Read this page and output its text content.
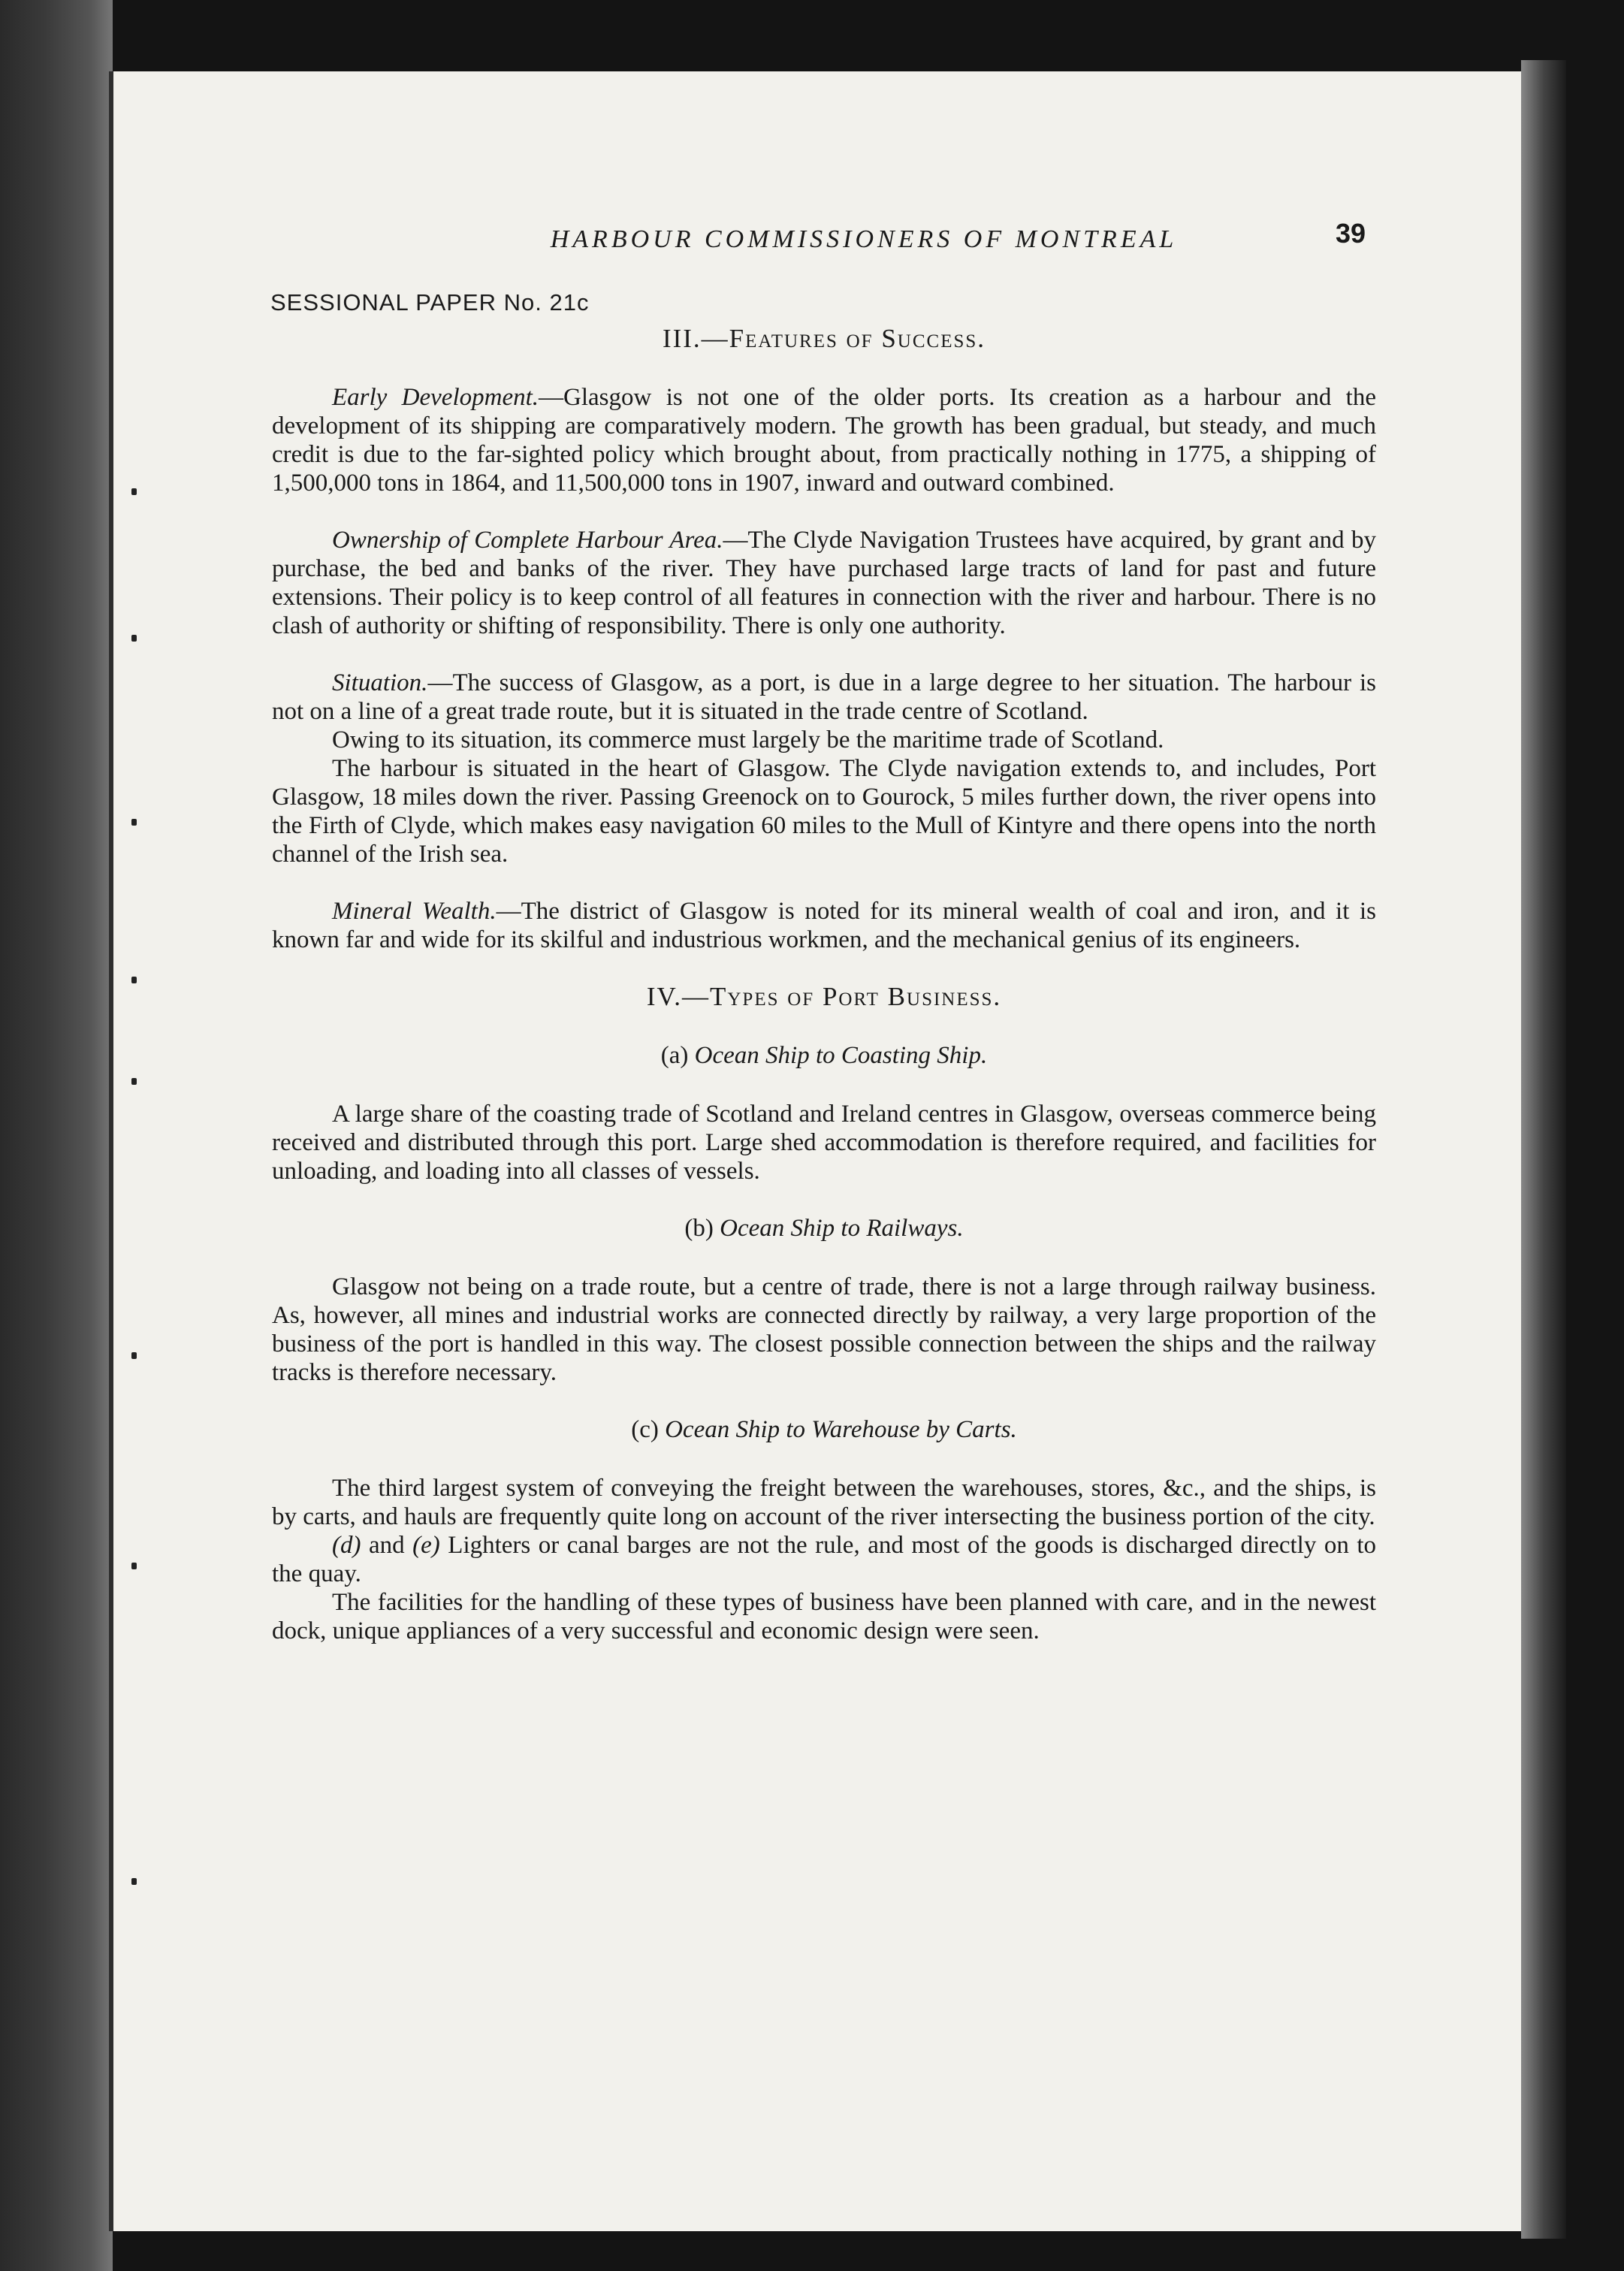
HARBOUR COMMISSIONERS OF MONTREAL	39
SESSIONAL PAPER No. 21c
III.—Features of Success.

Early Development.—Glasgow is not one of the older ports. Its creation as a harbour and the development of its shipping are comparatively modern. The growth has been gradual, but steady, and much credit is due to the far-sighted policy which brought about, from practically nothing in 1775, a shipping of 1,500,000 tons in 1864, and 11,500,000 tons in 1907, inward and outward combined.

Ownership of Complete Harbour Area.—The Clyde Navigation Trustees have acquired, by grant and by purchase, the bed and banks of the river. They have purchased large tracts of land for past and future extensions. Their policy is to keep control of all features in connection with the river and harbour. There is no clash of authority or shifting of responsibility. There is only one authority.

Situation.—The success of Glasgow, as a port, is due in a large degree to her situation. The harbour is not on a line of a great trade route, but it is situated in the trade centre of Scotland.

Owing to its situation, its commerce must largely be the maritime trade of Scotland.

The harbour is situated in the heart of Glasgow. The Clyde navigation extends to, and includes, Port Glasgow, 18 miles down the river. Passing Greenock on to Gourock, 5 miles further down, the river opens into the Firth of Clyde, which makes easy navigation 60 miles to the Mull of Kintyre and there opens into the north channel of the Irish sea.

Mineral Wealth.—The district of Glasgow is noted for its mineral wealth of coal and iron, and it is known far and wide for its skilful and industrious workmen, and the mechanical genius of its engineers.

IV.—Types of Port Business.
(a) Ocean Ship to Coasting Ship.

A large share of the coasting trade of Scotland and Ireland centres in Glasgow, overseas commerce being received and distributed through this port. Large shed accommodation is therefore required, and facilities for unloading, and loading into all classes of vessels.

(b) Ocean Ship to Railways.

Glasgow not being on a trade route, but a centre of trade, there is not a large through railway business. As, however, all mines and industrial works are connected directly by railway, a very large proportion of the business of the port is handled in this way. The closest possible connection between the ships and the railway tracks is therefore necessary.

(c) Ocean Ship to Warehouse by Carts.

The third largest system of conveying the freight between the warehouses, stores, &c., and the ships, is by carts, and hauls are frequently quite long on account of the river intersecting the business portion of the city.

(d) and (e) Lighters or canal barges are not the rule, and most of the goods is discharged directly on to the quay.

The facilities for the handling of these types of business have been planned with care, and in the newest dock, unique appliances of a very successful and economic design were seen.
